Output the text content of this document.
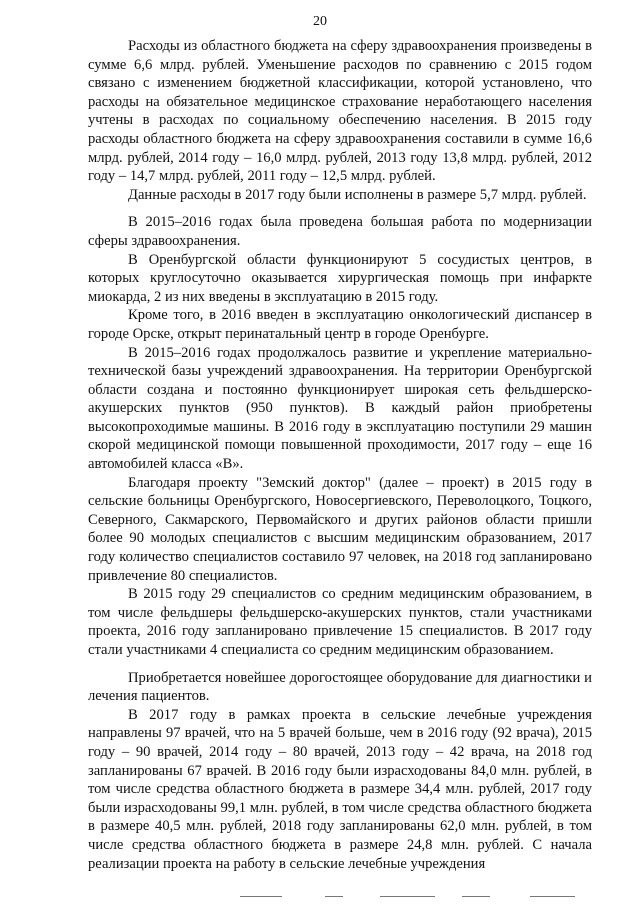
20

Расходы из областного бюджета на сферу здравоохранения произведены в сумме 6,6 млрд. рублей. Уменьшение расходов по сравнению с 2015 годом связано с изменением бюджетной классификации, которой установлено, что расходы на обязательное медицинское страхование неработающего населения учтены в расходах по социальному обеспечению населения. В 2015 году расходы областного бюджета на сферу здравоохранения составили в сумме 16,6 млрд. рублей, 2014 году – 16,0 млрд. рублей, 2013 году 13,8 млрд. рублей, 2012 году – 14,7 млрд. рублей, 2011 году – 12,5 млрд. рублей.

Данные расходы в 2017 году были исполнены в размере 5,7 млрд. рублей.

В 2015–2016 годах была проведена большая работа по модернизации сферы здравоохранения.

В Оренбургской области функционируют 5 сосудистых центров, в которых круглосуточно оказывается хирургическая помощь при инфаркте миокарда, 2 из них введены в эксплуатацию в 2015 году.

Кроме того, в 2016 введен в эксплуатацию онкологический диспансер в городе Орске, открыт перинатальный центр в городе Оренбурге.

В 2015–2016 годах продолжалось развитие и укрепление материально-технической базы учреждений здравоохранения. На территории Оренбургской области создана и постоянно функционирует широкая сеть фельдшерско-акушерских пунктов (950 пунктов). В каждый район приобретены высокопроходимые машины. В 2016 году в эксплуатацию поступили 29 машин скорой медицинской помощи повышенной проходимости, 2017 году – еще 16 автомобилей класса «В».

Благодаря проекту "Земский доктор" (далее – проект) в 2015 году в сельские больницы Оренбургского, Новосергиевского, Переволоцкого, Тоцкого, Северного, Сакмарского, Первомайского и других районов области пришли более 90 молодых специалистов с высшим медицинским образованием, 2017 году количество специалистов составило 97 человек, на 2018 год запланировано привлечение 80 специалистов.

В 2015 году 29 специалистов со средним медицинским образованием, в том числе фельдшеры фельдшерско-акушерских пунктов, стали участниками проекта, 2016 году запланировано привлечение 15 специалистов. В 2017 году стали участниками 4 специалиста со средним медицинским образованием.

Приобретается новейшее дорогостоящее оборудование для диагностики и лечения пациентов.

В 2017 году в рамках проекта в сельские лечебные учреждения направлены 97 врачей, что на 5 врачей больше, чем в 2016 году (92 врача), 2015 году – 90 врачей, 2014 году – 80 врачей, 2013 году – 42 врача, на 2018 год запланированы 67 врачей. В 2016 году были израсходованы 84,0 млн. рублей, в том числе средства областного бюджета в размере 34,4 млн. рублей, 2017 году были израсходованы 99,1 млн. рублей, в том числе средства областного бюджета в размере 40,5 млн. рублей, 2018 году запланированы 62,0 млн. рублей, в том числе средства областного бюджета в размере 24,8 млн. рублей. С начала реализации проекта на работу в сельские лечебные учреждения
